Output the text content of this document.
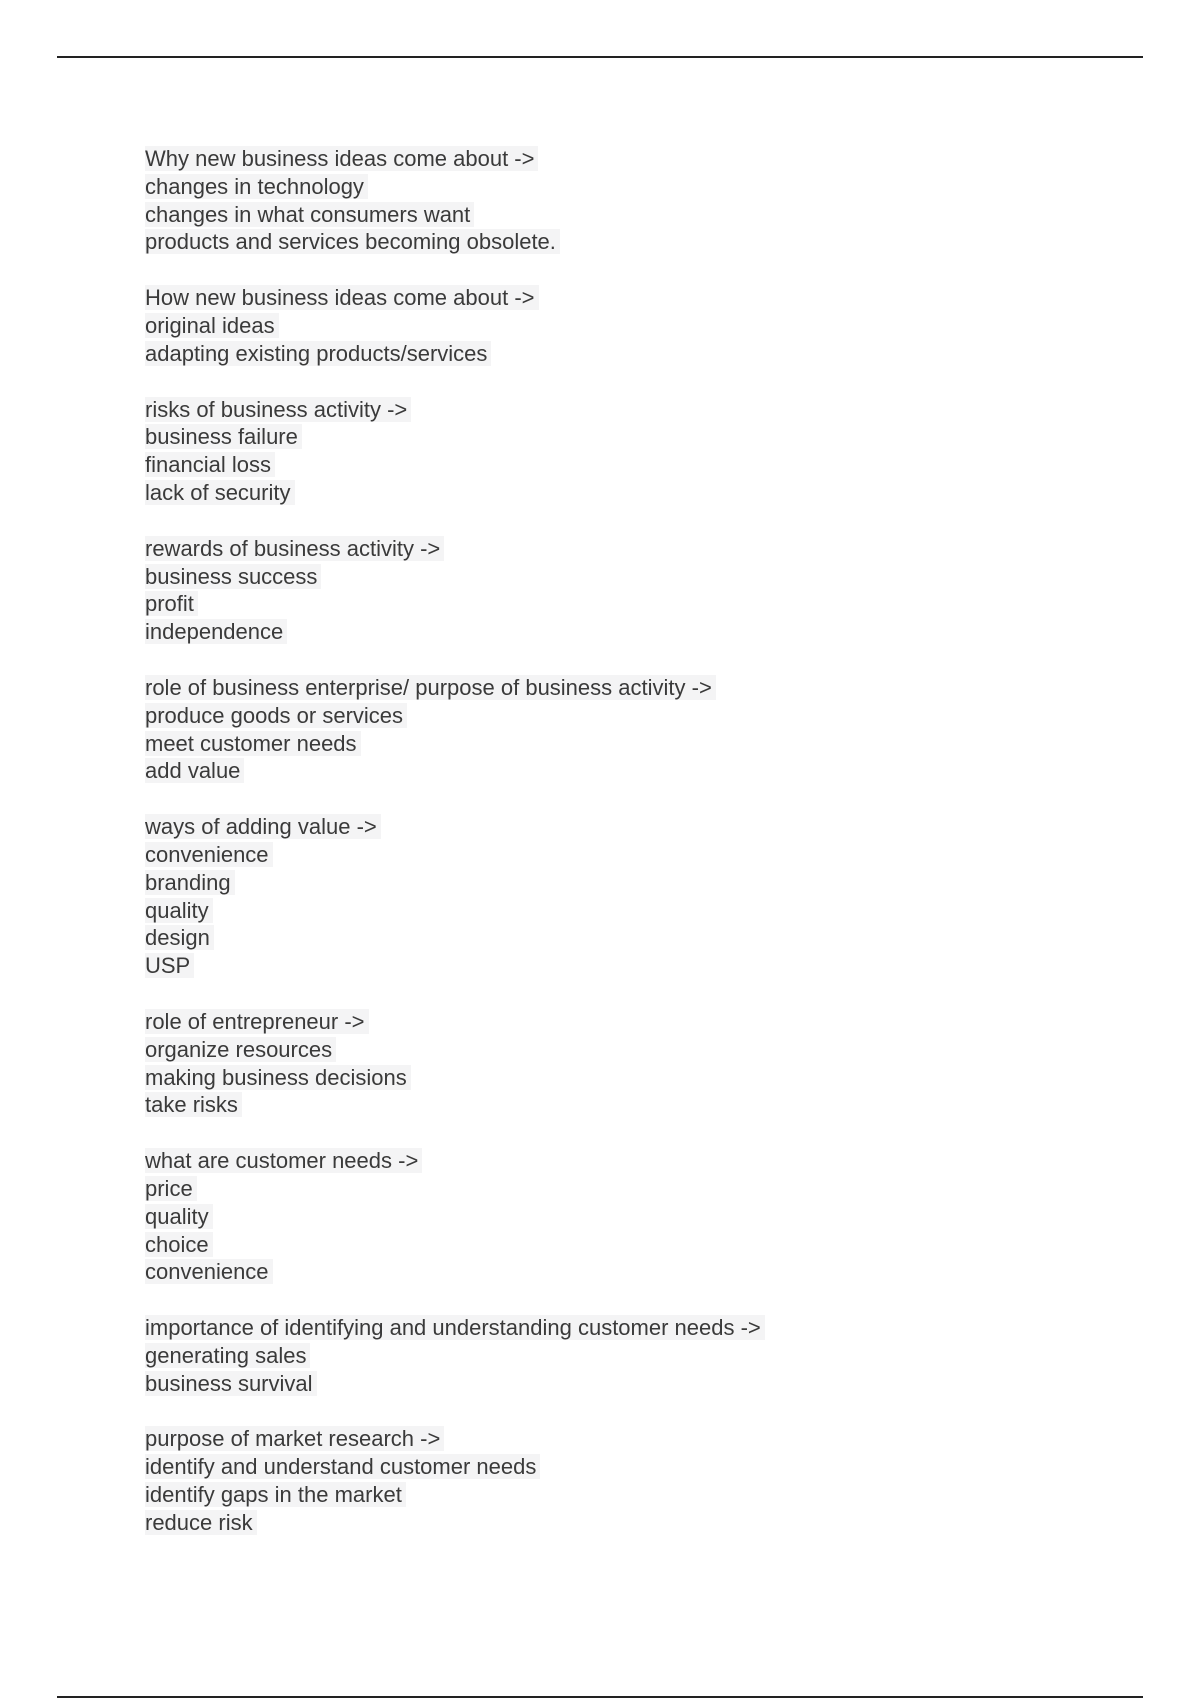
Why new business ideas come about ->
changes in technology
changes in what consumers want
products and services becoming obsolete.
How new business ideas come about ->
original ideas
adapting existing products/services
risks of business activity ->
business failure
financial loss
lack of security
rewards of business activity ->
business success
profit
independence
role of business enterprise/ purpose of business activity ->
produce goods or services
meet customer needs
add value
ways of adding value ->
convenience
branding
quality
design
USP
role of entrepreneur ->
organize resources
making business decisions
take risks
what are customer needs ->
price
quality
choice
convenience
importance of identifying and understanding customer needs ->
generating sales
business survival
purpose of market research ->
identify and understand customer needs
identify gaps in the market
reduce risk
